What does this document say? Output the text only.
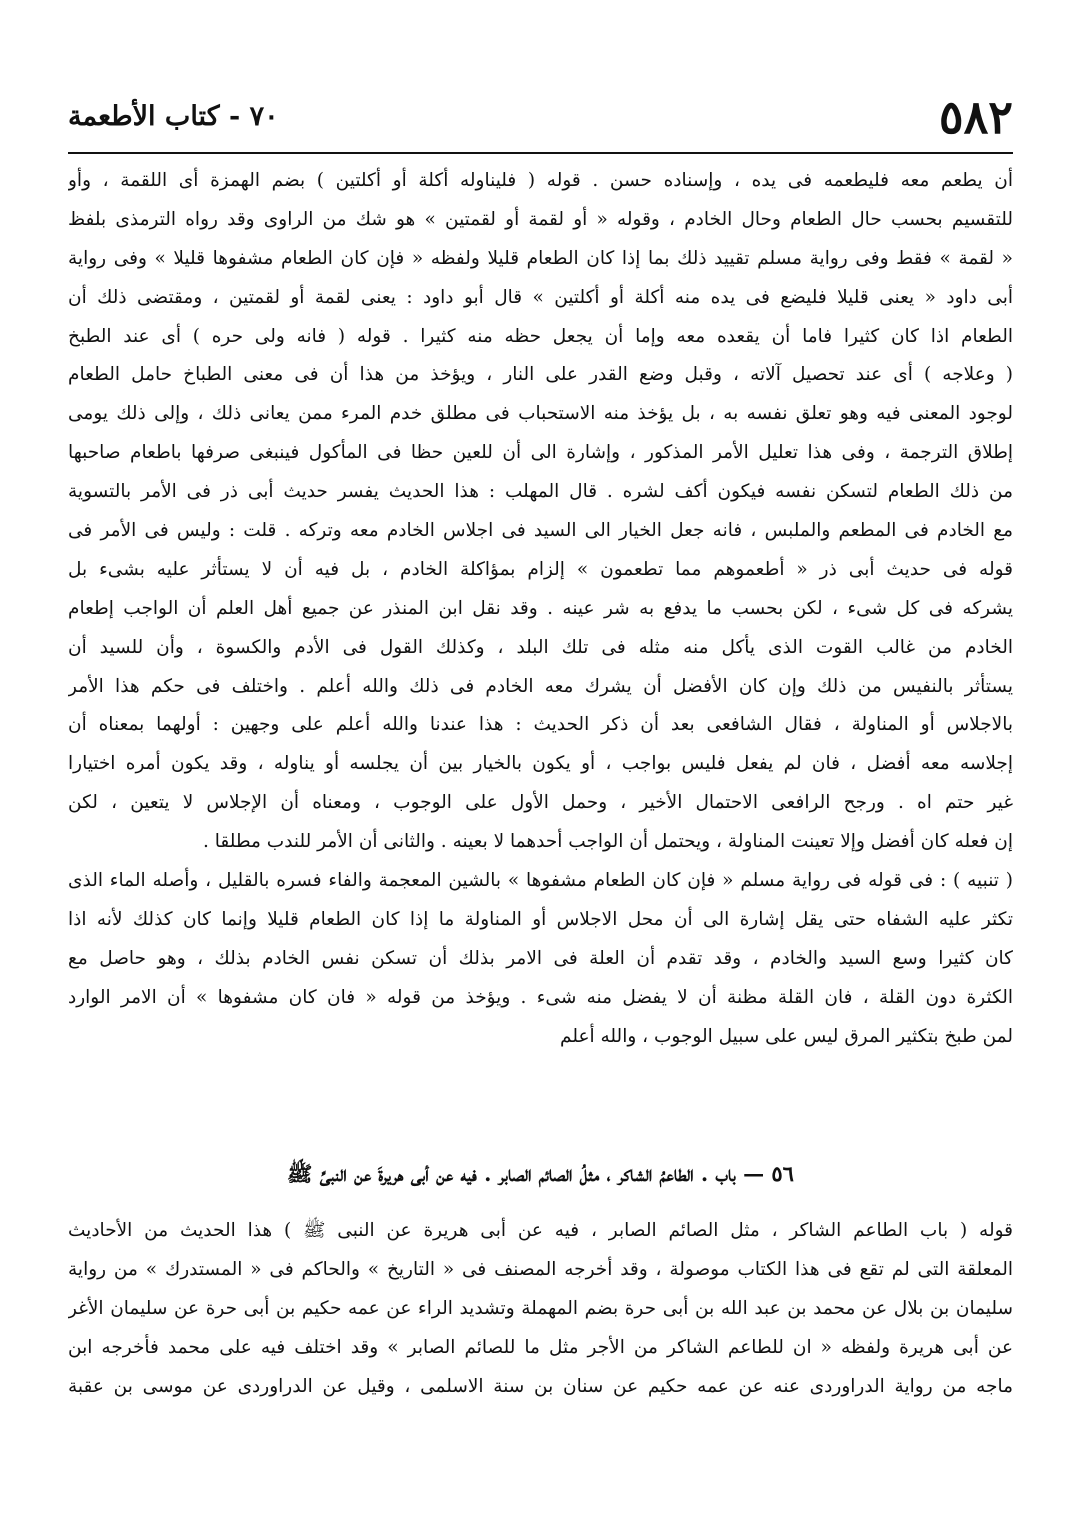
٥٨٢
٧٠ - كتاب الأطعمة
أن يطعم معه فليطعمه فى يده ، وإسناده حسن . قوله ( فليناوله أكلة أو أكلتين ) بضم الهمزة أى اللقمة ، وأو
للتقسيم بحسب حال الطعام وحال الخادم ، وقوله « أو لقمة أو لقمتين » هو شك من الراوى وقد رواه الترمذى بلفظ
« لقمة » فقط وفى رواية مسلم تقييد ذلك بما إذا كان الطعام قليلا ولفظه « فإن كان الطعام مشفوها قليلا » وفى رواية
أبى داود « يعنى قليلا فليضع فى يده منه أكلة أو أكلتين » قال أبو داود : يعنى لقمة أو لقمتين ، ومقتضى ذلك أن
الطعام اذا كان كثيرا فاما أن يقعده معه وإما أن يجعل حظه منه كثيرا . قوله ( فانه ولى حره ) أى عند الطبخ
( وعلاجه ) أى عند تحصيل آلاته ، وقبل وضع القدر على النار ، ويؤخذ من هذا أن فى معنى الطباخ حامل الطعام
لوجود المعنى فيه وهو تعلق نفسه به ، بل يؤخذ منه الاستحباب فى مطلق خدم المرء ممن يعانى ذلك ، وإلى ذلك يومى
إطلاق الترجمة ، وفى هذا تعليل الأمر المذكور ، وإشارة الى أن للعين حظا فى المأكول فينبغى صرفها باطعام صاحبها
من ذلك الطعام لتسكن نفسه فيكون أكف لشره . قال المهلب : هذا الحديث يفسر حديث أبى ذر فى الأمر بالتسوية
مع الخادم فى المطعم والملبس ، فانه جعل الخيار الى السيد فى اجلاس الخادم معه وتركه . قلت : وليس فى الأمر فى
قوله فى حديث أبى ذر « أطعموهم مما تطعمون » إلزام بمؤاكلة الخادم ، بل فيه أن لا يستأثر عليه بشىء بل
يشركه فى كل شىء ، لكن بحسب ما يدفع به شر عينه . وقد نقل ابن المنذر عن جميع أهل العلم أن الواجب إطعام
الخادم من غالب القوت الذى يأكل منه مثله فى تلك البلد ، وكذلك القول فى الأدم والكسوة ، وأن للسيد أن
يستأثر بالنفيس من ذلك وإن كان الأفضل أن يشرك معه الخادم فى ذلك والله أعلم . واختلف فى حكم هذا الأمر
بالاجلاس أو المناولة ، فقال الشافعى بعد أن ذكر الحديث : هذا عندنا والله أعلم على وجهين : أولهما بمعناه أن
إجلاسه معه أفضل ، فان لم يفعل فليس بواجب ، أو يكون بالخيار بين أن يجلسه أو يناوله ، وقد يكون أمره اختيارا
غير حتم اه . ورجح الرافعى الاحتمال الأخير ، وحمل الأول على الوجوب ، ومعناه أن الإجلاس لا يتعين ، لكن
إن فعله كان أفضل وإلا تعينت المناولة ، ويحتمل أن الواجب أحدهما لا بعينه . والثانى أن الأمر للندب مطلقا .
( تنبيه ) : فى قوله فى رواية مسلم « فإن كان الطعام مشفوها » بالشين المعجمة والفاء فسره بالقليل ، وأصله الماء الذى
تكثر عليه الشفاه حتى يقل إشارة الى أن محل الاجلاس أو المناولة ما إذا كان الطعام قليلا وإنما كان كذلك لأنه اذا
كان كثيرا وسع السيد والخادم ، وقد تقدم أن العلة فى الامر بذلك أن تسكن نفس الخادم بذلك ، وهو حاصل مع
الكثرة دون القلة ، فان القلة مظنة أن لا يفضل منه شىء . ويؤخذ من قوله « فان كان مشفوها » أن الامر الوارد
لمن طبخ بتكثير المرق ليس على سبيل الوجوب ، والله أعلم
٥٦ — باب . الطاعمُ الشاكر ، مثلُ الصائم الصابر . فيه عن أبى هريرةَ عن النبىِّ ﷺ
قوله ( باب الطاعم الشاكر ، مثل الصائم الصابر ، فيه عن أبى هريرة عن النبى ﷺ ) هذا الحديث من الأحاديث
المعلقة التى لم تقع فى هذا الكتاب موصولة ، وقد أخرجه المصنف فى « التاريخ » والحاكم فى « المستدرك » من رواية
سليمان بن بلال عن محمد بن عبد الله بن أبى حرة بضم المهملة وتشديد الراء عن عمه حكيم بن أبى حرة عن سليمان الأغر
عن أبى هريرة ولفظه « ان للطاعم الشاكر من الأجر مثل ما للصائم الصابر » وقد اختلف فيه على محمد فأخرجه ابن
ماجه من رواية الدراوردى عنه عن عمه حكيم عن سنان بن سنة الاسلمى ، وقيل عن الدراوردى عن موسى بن عقبة
